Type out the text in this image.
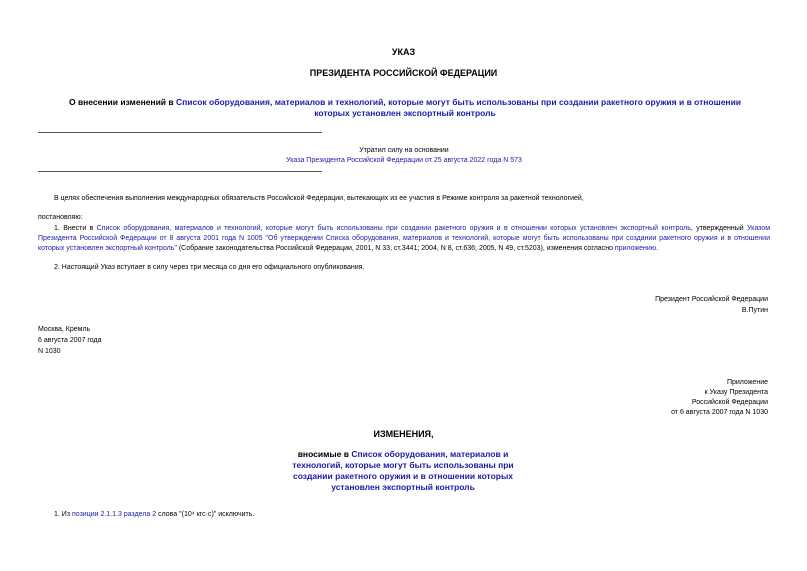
УКАЗ
ПРЕЗИДЕНТА РОССИЙСКОЙ ФЕДЕРАЦИИ
О внесении изменений в Список оборудования, материалов и технологий, которые могут быть использованы при создании ракетного оружия и в отношении которых установлен экспортный контроль
Утратил силу на основании
Указа Президента Российской Федерации от 25 августа 2022 года N 573
В целях обеспечения выполнения международных обязательств Российской Федерации, вытекающих из ее участия в Режиме контроля за ракетной технологией,
постановляю:
1. Внести в Список оборудования, материалов и технологий, которые могут быть использованы при создании ракетного оружия и в отношении которых установлен экспортный контроль, утвержденный Указом Президента Российской Федерации от 8 августа 2001 года N 1005 "Об утверждении Списка оборудования, материалов и технологий, которые могут быть использованы при создании ракетного оружия и в отношении которых установлен экспортный контроль" (Собрание законодательства Российской Федерации, 2001, N 33, ст.3441; 2004, N 8, ст.636; 2005, N 49, ст.5203), изменения согласно приложению.
2. Настоящий Указ вступает в силу через три месяца со дня его официального опубликования.
Президент Российской Федерации
В.Путин
Москва, Кремль
6 августа 2007 года
N 1030
Приложение
к Указу Президента
Российской Федерации
от 6 августа 2007 года N 1030
ИЗМЕНЕНИЯ,
вносимые в Список оборудования, материалов и технологий, которые могут быть использованы при создании ракетного оружия и в отношении которых установлен экспортный контроль
1. Из позиции 2.1.1.3 раздела 2 слова "(10⁴ кгс·с)" исключить.
